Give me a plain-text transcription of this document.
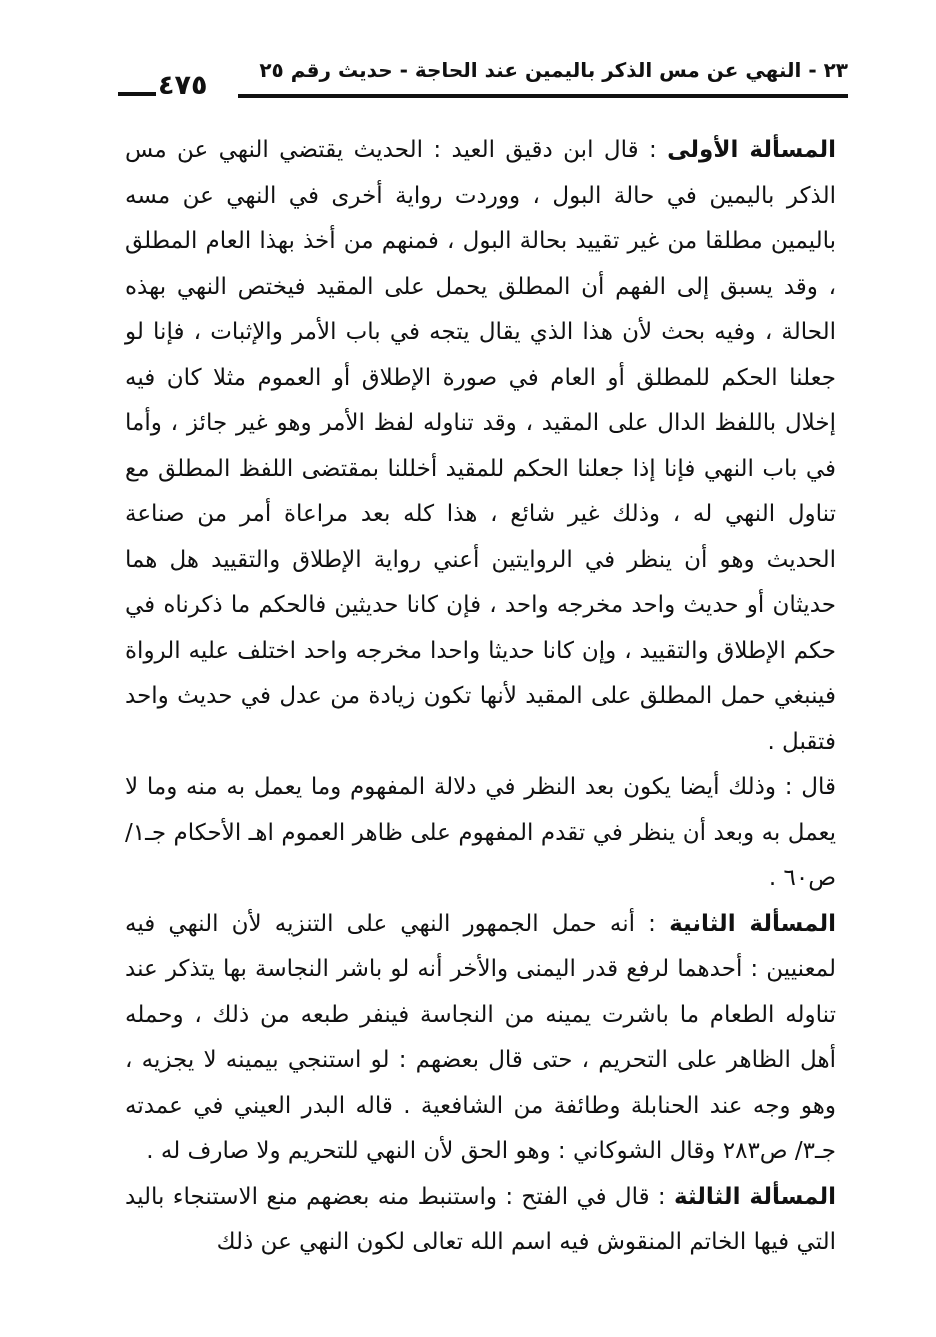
٤٧٥	٢٣ - النهي عن مس الذكر باليمين عند الحاجة - حديث رقم ٢٥

المسألة الأولى : قال ابن دقيق العيد : الحديث يقتضي النهي عن مس الذكر باليمين في حالة البول ، ووردت رواية أخرى في النهي عن مسه باليمين مطلقا من غير تقييد بحالة البول ، فمنهم من أخذ بهذا العام المطلق ، وقد يسبق إلى الفهم أن المطلق يحمل على المقيد فيختص النهي بهذه الحالة ، وفيه بحث لأن هذا الذي يقال يتجه في باب الأمر والإثبات ، فإنا لو جعلنا الحكم للمطلق أو العام في صورة الإطلاق أو العموم مثلا كان فيه إخلال باللفظ الدال على المقيد ، وقد تناوله لفظ الأمر وهو غير جائز ، وأما في باب النهي فإنا إذا جعلنا الحكم للمقيد أخللنا بمقتضى اللفظ المطلق مع تناول النهي له ، وذلك غير شائع ، هذا كله بعد مراعاة أمر من صناعة الحديث وهو أن ينظر في الروايتين أعني رواية الإطلاق والتقييد هل هما حديثان أو حديث واحد مخرجه واحد ، فإن كانا حديثين فالحكم ما ذكرناه في حكم الإطلاق والتقييد ، وإن كانا حديثا واحدا مخرجه واحد اختلف عليه الرواة فينبغي حمل المطلق على المقيد لأنها تكون زيادة من عدل في حديث واحد فتقبل .

قال : وذلك أيضا يكون بعد النظر في دلالة المفهوم وما يعمل به منه وما لا يعمل به وبعد أن ينظر في تقدم المفهوم على ظاهر العموم اهـ الأحكام جـ١/ ص٦٠ .

المسألة الثانية : أنه حمل الجمهور النهي على التنزيه لأن النهي فيه لمعنيين : أحدهما لرفع قدر اليمنى والأخر أنه لو باشر النجاسة بها يتذكر عند تناوله الطعام ما باشرت يمينه من النجاسة فينفر طبعه من ذلك ، وحمله أهل الظاهر على التحريم ، حتى قال بعضهم : لو استنجي بيمينه لا يجزيه ، وهو وجه عند الحنابلة وطائفة من الشافعية . قاله البدر العيني في عمدته جـ٣/ ص٢٨٣ وقال الشوكاني : وهو الحق لأن النهي للتحريم ولا صارف له .

المسألة الثالثة : قال في الفتح : واستنبط منه بعضهم منع الاستنجاء باليد التي فيها الخاتم المنقوش فيه اسم الله تعالى لكون النهي عن ذلك
